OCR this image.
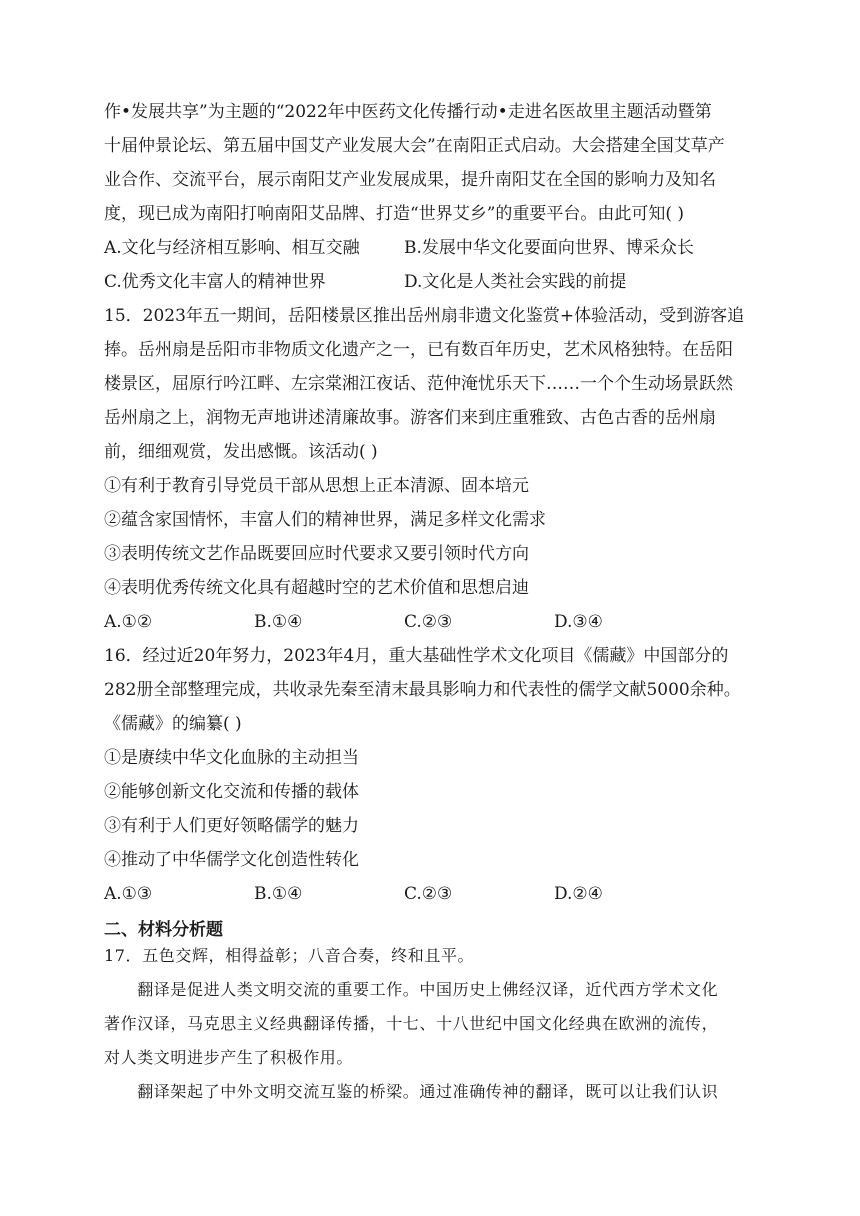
作•发展共享”为主题的“2022年中医药文化传播行动•走进名医故里主题活动暨第
十届仲景论坛、第五届中国艾产业发展大会”在南阳正式启动。大会搭建全国艾草产
业合作、交流平台，展示南阳艾产业发展成果，提升南阳艾在全国的影响力及知名
度，现已成为南阳打响南阳艾品牌、打造“世界艾乡”的重要平台。由此可知( )
A.文化与经济相互影响、相互交融	B.发展中华文化要面向世界、博采众长
C.优秀文化丰富人的精神世界	D.文化是人类社会实践的前提
15．2023年五一期间，岳阳楼景区推出岳州扇非遗文化鉴赏+体验活动，受到游客追
捧。岳州扇是岳阳市非物质文化遗产之一，已有数百年历史，艺术风格独特。在岳阳
楼景区，屈原行吟江畔、左宗棠湘江夜话、范仲淹忧乐天下……一个个生动场景跃然
岳州扇之上，润物无声地讲述清廉故事。游客们来到庄重雅致、古色古香的岳州扇
前，细细观赏，发出感慨。该活动( )
①有利于教育引导党员干部从思想上正本清源、固本培元
②蕴含家国情怀，丰富人们的精神世界，满足多样文化需求
③表明传统文艺作品既要回应时代要求又要引领时代方向
④表明优秀传统文化具有超越时空的艺术价值和思想启迪
A.①②	B.①④	C.②③	D.③④
16．经过近20年努力，2023年4月，重大基础性学术文化项目《儒藏》中国部分的
282册全部整理完成，共收录先秦至清末最具影响力和代表性的儒学文献5000余种。
《儒藏》的编纂( )
①是赓续中华文化血脉的主动担当
②能够创新文化交流和传播的载体
③有利于人们更好领略儒学的魅力
④推动了中华儒学文化创造性转化
A.①③	B.①④	C.②③	D.②④
二、材料分析题
17．五色交辉，相得益彰；八音合奏，终和且平。
　　翻译是促进人类文明交流的重要工作。中国历史上佛经汉译，近代西方学术文化
著作汉译，马克思主义经典翻译传播，十七、十八世纪中国文化经典在欧洲的流传，
对人类文明进步产生了积极作用。
　　翻译架起了中外文明交流互鉴的桥梁。通过准确传神的翻译，既可以让我们认识
